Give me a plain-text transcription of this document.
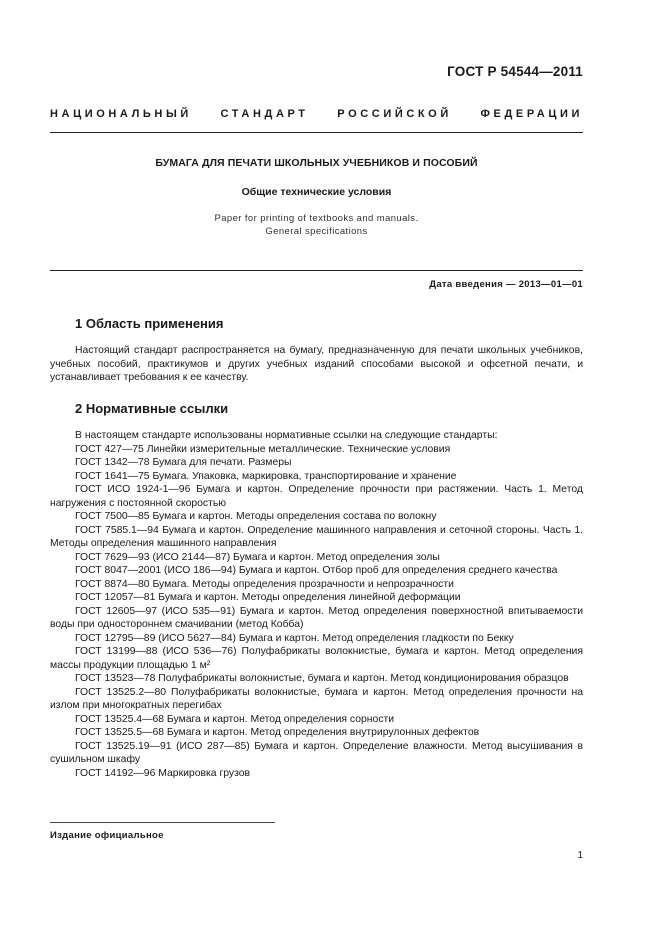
ГОСТ Р 54544—2011
НАЦИОНАЛЬНЫЙ СТАНДАРТ РОССИЙСКОЙ ФЕДЕРАЦИИ
БУМАГА ДЛЯ ПЕЧАТИ ШКОЛЬНЫХ УЧЕБНИКОВ И ПОСОБИЙ
Общие технические условия
Paper for printing of textbooks and manuals.
General specifications
Дата введения — 2013—01—01
1 Область применения

Настоящий стандарт распространяется на бумагу, предназначенную для печати школьных учебников, учебных пособий, практикумов и других учебных изданий способами высокой и офсетной печати, и устанавливает требования к ее качеству.

2 Нормативные ссылки
В настоящем стандарте использованы нормативные ссылки на следующие стандарты:
ГОСТ 427—75 Линейки измерительные металлические. Технические условия
ГОСТ 1342—78 Бумага для печати. Размеры
ГОСТ 1641—75 Бумага. Упаковка, маркировка, транспортирование и хранение
ГОСТ ИСО 1924-1—96 Бумага и картон. Определение прочности при растяжении. Часть 1. Метод нагружения с постоянной скоростью
ГОСТ 7500—85 Бумага и картон. Методы определения состава по волокну
ГОСТ 7585.1—94 Бумага и картон. Определение машинного направления и сеточной стороны. Часть 1. Методы определения машинного направления
ГОСТ 7629—93 (ИСО 2144—87) Бумага и картон. Метод определения золы
ГОСТ 8047—2001 (ИСО 186—94) Бумага и картон. Отбор проб для определения среднего качества
ГОСТ 8874—80 Бумага. Методы определения прозрачности и непрозрачности
ГОСТ 12057—81 Бумага и картон. Методы определения линейной деформации
ГОСТ 12605—97 (ИСО 535—91) Бумага и картон. Метод определения поверхностной впитываемости воды при одностороннем смачивании (метод Кобба)
ГОСТ 12795—89 (ИСО 5627—84) Бумага и картон. Метод определения гладкости по Бекку
ГОСТ 13199—88 (ИСО 536—76) Полуфабрикаты волокнистые, бумага и картон. Метод определения массы продукции площадью 1 м²
ГОСТ 13523—78 Полуфабрикаты волокнистые, бумага и картон. Метод кондиционирования образцов
ГОСТ 13525.2—80 Полуфабрикаты волокнистые, бумага и картон. Метод определения прочности на излом при многократных перегибах
ГОСТ 13525.4—68 Бумага и картон. Метод определения сорности
ГОСТ 13525.5—68 Бумага и картон. Метод определения внутрирулонных дефектов
ГОСТ 13525.19—91 (ИСО 287—85) Бумага и картон. Определение влажности. Метод высушивания в сушильном шкафу
ГОСТ 14192—96 Маркировка грузов
Издание официальное
1
